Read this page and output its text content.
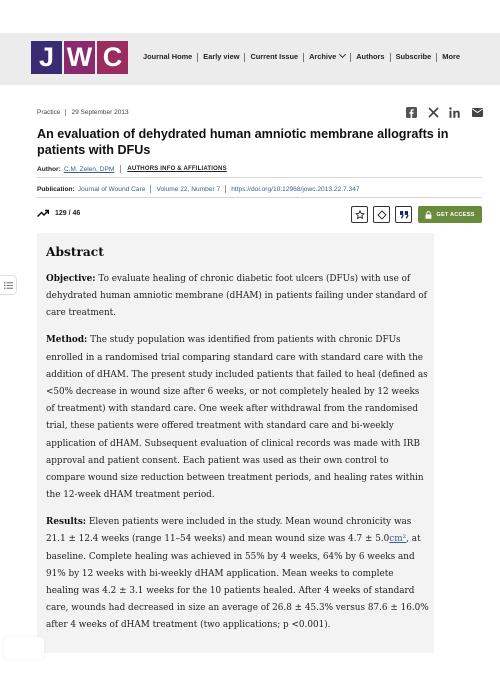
J W C	Journal Home	Early view	Current Issue	Archive	Authors	Subscribe	More
Practice 29 September 2013
An evaluation of dehydrated human amniotic membrane allografts in patients with DFUs
Author: C.M. Zelen, DPM AUTHORS INFO & AFFILIATIONS
Publication: Journal of Wound Care Volume 22, Number 7 https://doi.org/10.12968/jowc.2013.22.7.347
129 / 46	GET ACCESS
Abstract

Objective: To evaluate healing of chronic diabetic foot ulcers (DFUs) with use of dehydrated human amniotic membrane (dHAM) in patients failing under standard of care treatment.

Method: The study population was identified from patients with chronic DFUs enrolled in a randomised trial comparing standard care with standard care with the addition of dHAM. The present study included patients that failed to heal (defined as <50% decrease in wound size after 6 weeks, or not completely healed by 12 weeks of treatment) with standard care. One week after withdrawal from the randomised trial, these patients were offered treatment with standard care and bi-weekly application of dHAM. Subsequent evaluation of clinical records was made with IRB approval and patient consent. Each patient was used as their own control to compare wound size reduction between treatment periods, and healing rates within the 12-week dHAM treatment period.

Results: Eleven patients were included in the study. Mean wound chronicity was 21.1 ± 12.4 weeks (range 11–54 weeks) and mean wound size was 4.7 ± 5.0cm², at baseline. Complete healing was achieved in 55% by 4 weeks, 64% by 6 weeks and 91% by 12 weeks with bi-weekly dHAM application. Mean weeks to complete healing was 4.2 ± 3.1 weeks for the 10 patients healed. After 4 weeks of standard care, wounds had decreased in size an average of 26.8 ± 45.3% versus 87.6 ± 16.0% after 4 weeks of dHAM treatment (two applications; p <0.001).
